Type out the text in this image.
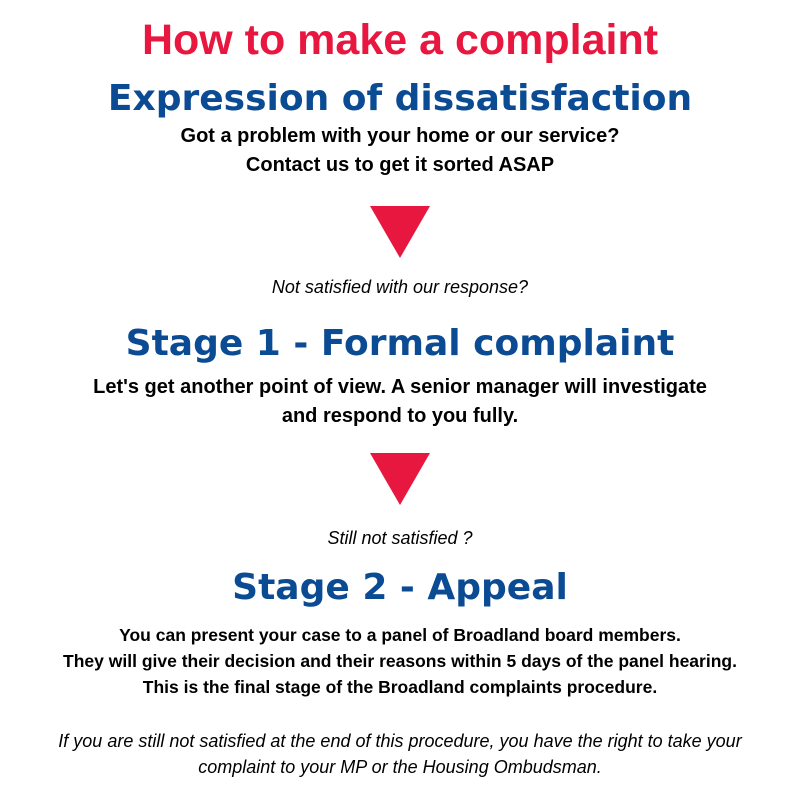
How to make a complaint
Expression of dissatisfaction

Got a problem with your home or our service?
Contact us to get it sorted ASAP

Not satisfied with our response?

Stage 1 - Formal complaint

Let's get another point of view. A senior manager will investigate
and respond to you fully.

Still not satisfied ?

Stage 2 - Appeal

You can present your case to a panel of Broadland board members.
They will give their decision and their reasons within 5 days of the panel hearing.
This is the final stage of the Broadland complaints procedure.

If you are still not satisfied at the end of this procedure, you have the right to take your
complaint to your MP or the Housing Ombudsman.
